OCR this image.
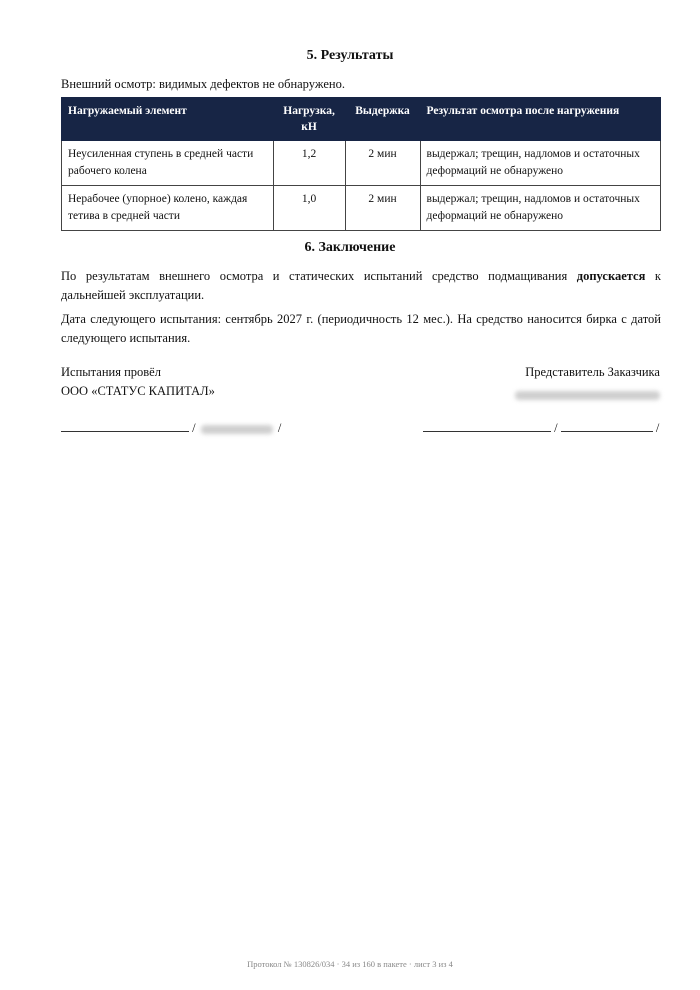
5. Результаты

Внешний осмотр: видимых дефектов не обнаружено.

Нагружаемый элемент	Нагрузка, кН	Выдержка	Результат осмотра после нагружения
Неусиленная ступень в средней части рабочего колена	1,2	2 мин	выдержал; трещин, надломов и остаточных деформаций не обнаружено
Нерабочее (упорное) колено, каждая тетива в средней части	1,0	2 мин	выдержал; трещин, надломов и остаточных деформаций не обнаружено
6. Заключение

По результатам внешнего осмотра и статических испытаний средство подмащивания допускается к дальнейшей эксплуатации.

Дата следующего испытания: сентябрь 2027 г. (периодичность 12 мес.). На средство наносится бирка с датой следующего испытания.

Испытания провёл

ООО «СТАТУС КАПИТАЛ»

Представитель Заказчика

/	/	/	/
Протокол № 130826/034 · 34 из 160 в пакете · лист 3 из 4
